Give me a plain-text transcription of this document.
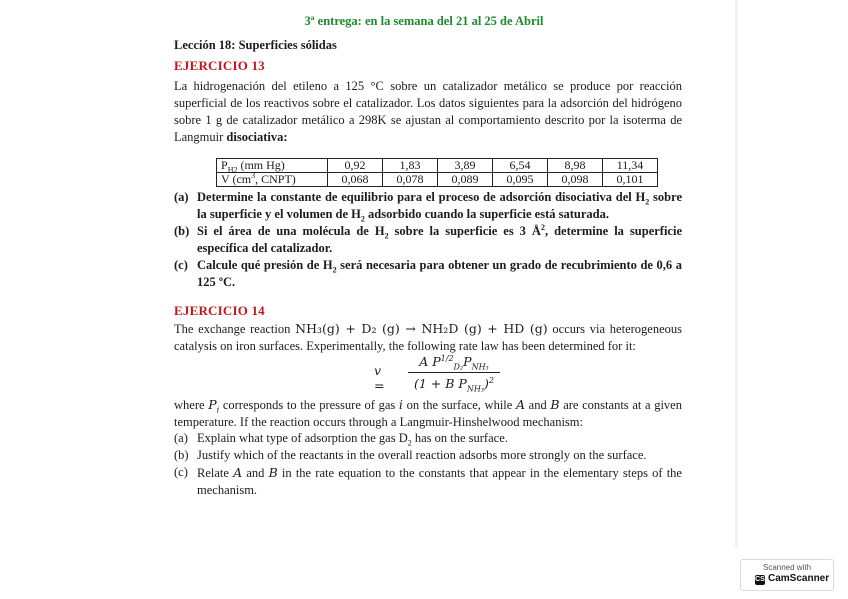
3ª entrega: en la semana del 21 al 25 de Abril
Lección 18: Superficies sólidas
EJERCICIO 13
La hidrogenación del etileno a 125 °C sobre un catalizador metálico se produce por reacción superficial de los reactivos sobre el catalizador. Los datos siguientes para la adsorción del hidrógeno sobre 1 g de catalizador metálico a 298K se ajustan al comportamiento descrito por la isoterma de Langmuir disociativa:
$P_{H2}$ (mm Hg)	0,92	1,83	3,89	6,54	8,98	11,34
V ($cm^3$, CNPT)	0,068	0,078	0,089	0,095	0,098	0,101
(a) Determine la constante de equilibrio para el proceso de adsorción disociativa del $H_2$ sobre la superficie y el volumen de $H_2$ adsorbido cuando la superficie está saturada.
(b) Si el área de una molécula de $H_2$ sobre la superficie es 3 $Å^2$, determine la superficie específica del catalizador.
(c) Calcule qué presión de $H_2$ será necesaria para obtener un grado de recubrimiento de 0,6 a 125 ºC.
EJERCICIO 14
The exchange reaction NH₃(g) + D₂ (g) → NH₂D (g) + HD (g) occurs via heterogeneous catalysis on iron surfaces. Experimentally, the following rate law has been determined for it:
v =
A $P^{1/2}_{D_2}P_{NH_3}$
(1 + B $P_{NH_3})^2$
where $P_i$ corresponds to the pressure of gas i on the surface, while A and B are constants at a given temperature. If the reaction occurs through a Langmuir-Hinshelwood mechanism:
(a) Explain what type of adsorption the gas $D_2$ has on the surface.
(b) Justify which of the reactants in the overall reaction adsorbs more strongly on the surface.
(c) Relate A and B in the rate equation to the constants that appear in the elementary steps of the mechanism.
Scanned with
CS CamScanner
